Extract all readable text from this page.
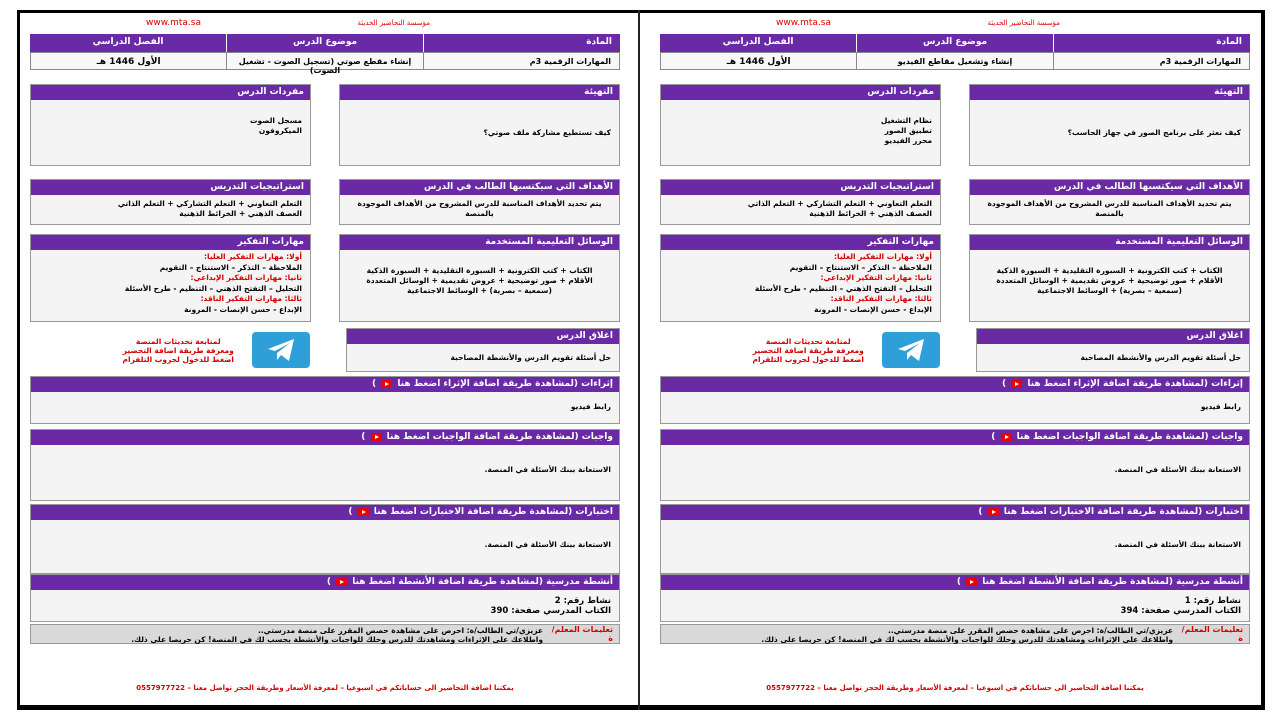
www.mta.sa	مؤسسة التحاضير الحديثة
المادة
موضوع الدرس
الفصل الدراسي
المهارات الرقمية 3م
إنشاء مقطع صوتي (تسجيل الصوت - تشغيل الصوت)
الأول 1446 هـ
التهيئة
كيف تستطيع مشاركة ملف صوتي؟
مفردات الدرس
مسجل الصوت
الميكروفون
الأهداف التي سيكتسبها الطالب في الدرس
يتم تحديد الأهداف المناسبة للدرس المشروح من الأهداف الموجودة بالمنصة
استراتيجيات التدريس
التعلم التعاوني + التعلم التشاركي + التعلم الذاتي
العصف الذهني + الخرائط الذهنية
الوسائل التعليمية المستخدمة
الكتاب + كتب الكترونية + السبورة التقليدية + السبورة الذكية
الأقلام + صور توضيحية + عروض تقديمية + الوسائل المتعددة
(سمعية – بصرية) + الوسائط الاجتماعية
مهارات التفكير
أولا: مهارات التفكير العليا:
الملاحظة – التذكر – الاستنتاج – التقويم
ثانيا: مهارات التفكير الإبداعي:
التحليل – التفتح الذهني – التنظيم - طرح الأسئلة
ثالثا: مهارات التفكير الناقد:
الإبداع - حسن الإنصات - المرونة
اغلاق الدرس
حل أسئلة تقويم الدرس والأنشطة المصاحبة
لمتابعة تحديثات المنصة
ومعرفة طريقة اضافة التحضير
اضغط للدخول لجروب التلقرام
إثراءات (لمشاهدة طريقة اضافة الإثراء اضغط هنا  )
رابط فيديو
واجبات (لمشاهدة طريقة اضافة الواجبات اضغط هنا  )
الاستعانة ببنك الأسئلة في المنصة.
اختبارات (لمشاهدة طريقة اضافة الاختبارات اضغط هنا  )
الاستعانة ببنك الأسئلة في المنصة.
أنشطة مدرسية (لمشاهدة طريقة اضافة الأنشطة اضغط هنا  )
نشاط رقم: 2
الكتاب المدرسي صفحة: 390
تعليمات المعلم/ة
عزيزي/تي الطالب/ة: احرص على مشاهدة حصص المقرر على منصة مدرستي..
واطلاعك على الإثراءات ومشاهدتك للدرس وحلك للواجبات والأنشطة بحسب لك في المنصة! كن حريصا على ذلك.
يمكننا اضافة التحاضير الى حساباتكم في اسبوعيا – لمعرفة الأسعار وطريقة الحجز تواصل معنا – 0557977722
www.mta.sa	مؤسسة التحاضير الحديثة
المادة
موضوع الدرس
الفصل الدراسي
المهارات الرقمية 3م
إنشاء وتشغيل مقاطع الفيديو
الأول 1446 هـ
التهيئة
كيف نعثر على برنامج الصور في جهاز الحاسب؟
مفردات الدرس
نظام التشغيل
تطبيق الصور
محرر الفيديو
الأهداف التي سيكتسبها الطالب في الدرس
يتم تحديد الأهداف المناسبة للدرس المشروح من الأهداف الموجودة بالمنصة
استراتيجيات التدريس
التعلم التعاوني + التعلم التشاركي + التعلم الذاتي
العصف الذهني + الخرائط الذهنية
الوسائل التعليمية المستخدمة
الكتاب + كتب الكترونية + السبورة التقليدية + السبورة الذكية
الأقلام + صور توضيحية + عروض تقديمية + الوسائل المتعددة
(سمعية – بصرية) + الوسائط الاجتماعية
مهارات التفكير
أولا: مهارات التفكير العليا:
الملاحظة – التذكر – الاستنتاج – التقويم
ثانيا: مهارات التفكير الإبداعي:
التحليل – التفتح الذهني – التنظيم - طرح الأسئلة
ثالثا: مهارات التفكير الناقد:
الإبداع - حسن الإنصات - المرونة
اغلاق الدرس
حل أسئلة تقويم الدرس والأنشطة المصاحبة
لمتابعة تحديثات المنصة
ومعرفة طريقة اضافة التحضير
اضغط للدخول لجروب التلقرام
إثراءات (لمشاهدة طريقة اضافة الإثراء اضغط هنا  )
رابط فيديو
واجبات (لمشاهدة طريقة اضافة الواجبات اضغط هنا  )
الاستعانة ببنك الأسئلة في المنصة.
اختبارات (لمشاهدة طريقة اضافة الاختبارات اضغط هنا  )
الاستعانة ببنك الأسئلة في المنصة.
أنشطة مدرسية (لمشاهدة طريقة اضافة الأنشطة اضغط هنا  )
نشاط رقم: 1
الكتاب المدرسي صفحة: 394
تعليمات المعلم/ة
عزيزي/تي الطالب/ة: احرص على مشاهدة حصص المقرر على منصة مدرستي..
واطلاعك على الإثراءات ومشاهدتك للدرس وحلك للواجبات والأنشطة بحسب لك في المنصة! كن حريصا على ذلك.
يمكننا اضافة التحاضير الى حساباتكم في اسبوعيا – لمعرفة الأسعار وطريقة الحجز تواصل معنا – 0557977722
